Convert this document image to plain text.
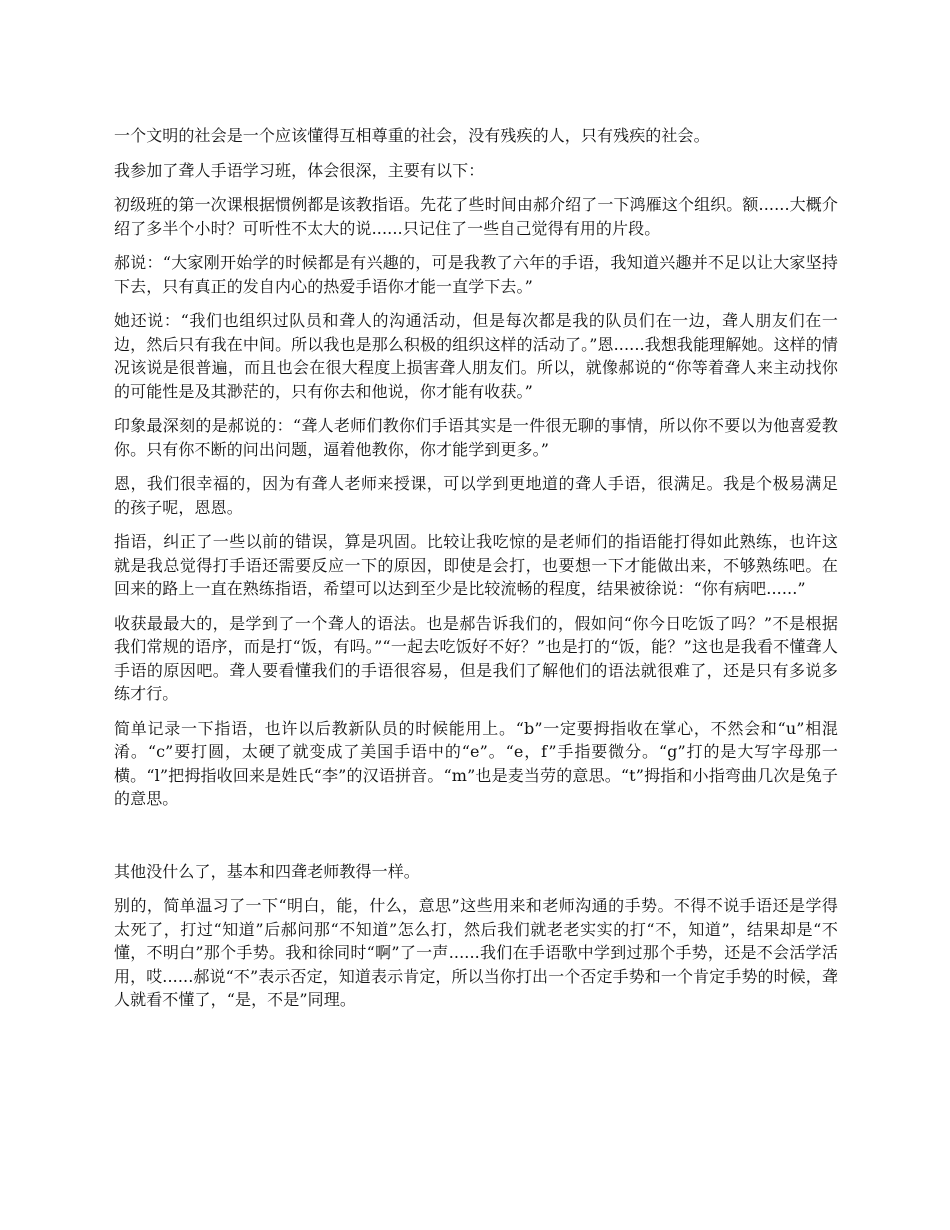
一个文明的社会是一个应该懂得互相尊重的社会，没有残疾的人，只有残疾的社会。

我参加了聋人手语学习班，体会很深，主要有以下：

初级班的第一次课根据惯例都是该教指语。先花了些时间由郝介绍了一下鸿雁这个组织。额......大概介绍了多半个小时？可听性不太大的说......只记住了一些自己觉得有用的片段。

郝说：“大家刚开始学的时候都是有兴趣的，可是我教了六年的手语，我知道兴趣并不足以让大家坚持下去，只有真正的发自内心的热爱手语你才能一直学下去。”

她还说：“我们也组织过队员和聋人的沟通活动，但是每次都是我的队员们在一边，聋人朋友们在一边，然后只有我在中间。所以我也是那么积极的组织这样的活动了。”恩......我想我能理解她。这样的情况该说是很普遍，而且也会在很大程度上损害聋人朋友们。所以，就像郝说的“你等着聋人来主动找你的可能性是及其渺茫的，只有你去和他说，你才能有收获。”

印象最深刻的是郝说的：“聋人老师们教你们手语其实是一件很无聊的事情，所以你不要以为他喜爱教你。只有你不断的问出问题，逼着他教你，你才能学到更多。”

恩，我们很幸福的，因为有聋人老师来授课，可以学到更地道的聋人手语，很满足。我是个极易满足的孩子呢，恩恩。

指语，纠正了一些以前的错误，算是巩固。比较让我吃惊的是老师们的指语能打得如此熟练，也许这就是我总觉得打手语还需要反应一下的原因，即使是会打，也要想一下才能做出来，不够熟练吧。在回来的路上一直在熟练指语，希望可以达到至少是比较流畅的程度，结果被徐说：“你有病吧......”

收获最最大的，是学到了一个聋人的语法。也是郝告诉我们的，假如问“你今日吃饭了吗？”不是根据我们常规的语序，而是打“饭，有吗。”“一起去吃饭好不好？”也是打的“饭，能？”这也是我看不懂聋人手语的原因吧。聋人要看懂我们的手语很容易，但是我们了解他们的语法就很难了，还是只有多说多练才行。

简单记录一下指语，也许以后教新队员的时候能用上。“b”一定要拇指收在掌心，不然会和“u”相混淆。“c”要打圆，太硬了就变成了美国手语中的“e”。“e，f”手指要微分。“g”打的是大写字母那一横。“l”把拇指收回来是姓氏“李”的汉语拼音。“m”也是麦当劳的意思。“t”拇指和小指弯曲几次是兔子的意思。

其他没什么了，基本和四聋老师教得一样。

别的，简单温习了一下“明白，能，什么，意思”这些用来和老师沟通的手势。不得不说手语还是学得太死了，打过“知道”后郝问那“不知道”怎么打，然后我们就老老实实的打“不，知道”，结果却是“不懂，不明白”那个手势。我和徐同时“啊”了一声......我们在手语歌中学到过那个手势，还是不会活学活用，哎......郝说“不”表示否定，知道表示肯定，所以当你打出一个否定手势和一个肯定手势的时候，聋人就看不懂了，“是，不是”同理。
